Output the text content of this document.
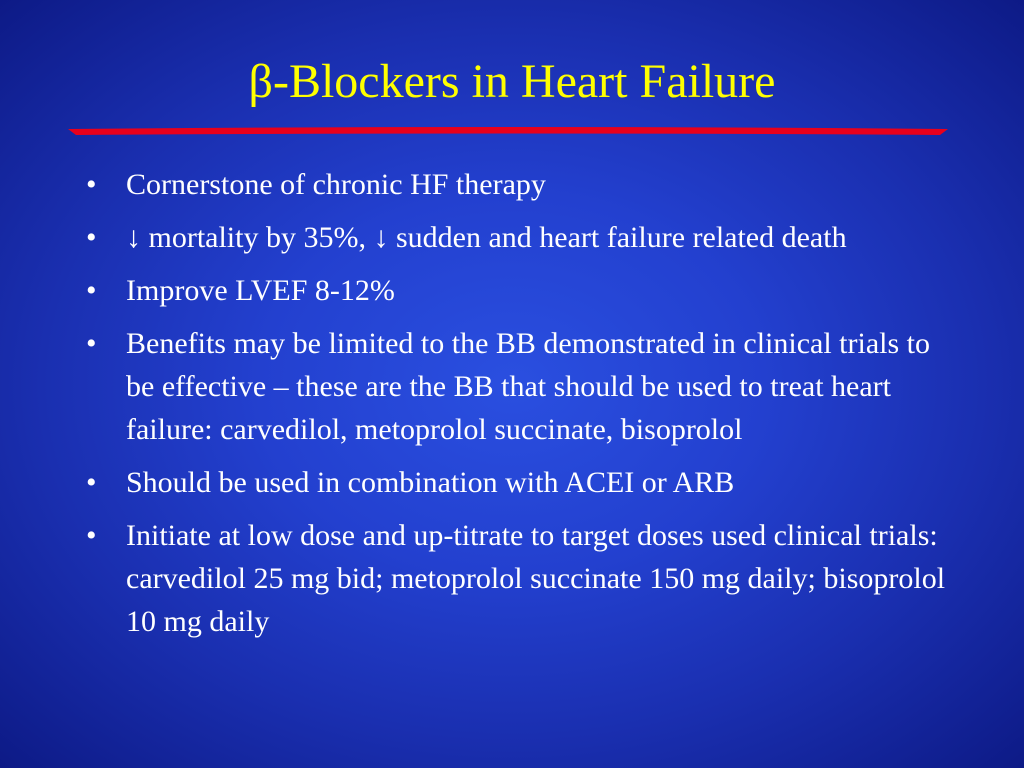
β-Blockers in Heart Failure
• Cornerstone of chronic HF therapy
• ↓ mortality by 35%, ↓ sudden and heart failure related death
• Improve LVEF 8-12%
• Benefits may be limited to the BB demonstrated in clinical trials to be effective – these are the BB that should be used to treat heart failure: carvedilol, metoprolol succinate, bisoprolol
• Should be used in combination with ACEI or ARB
• Initiate at low dose and up-titrate to target doses used clinical trials: carvedilol 25 mg bid; metoprolol succinate 150 mg daily; bisoprolol 10 mg daily
